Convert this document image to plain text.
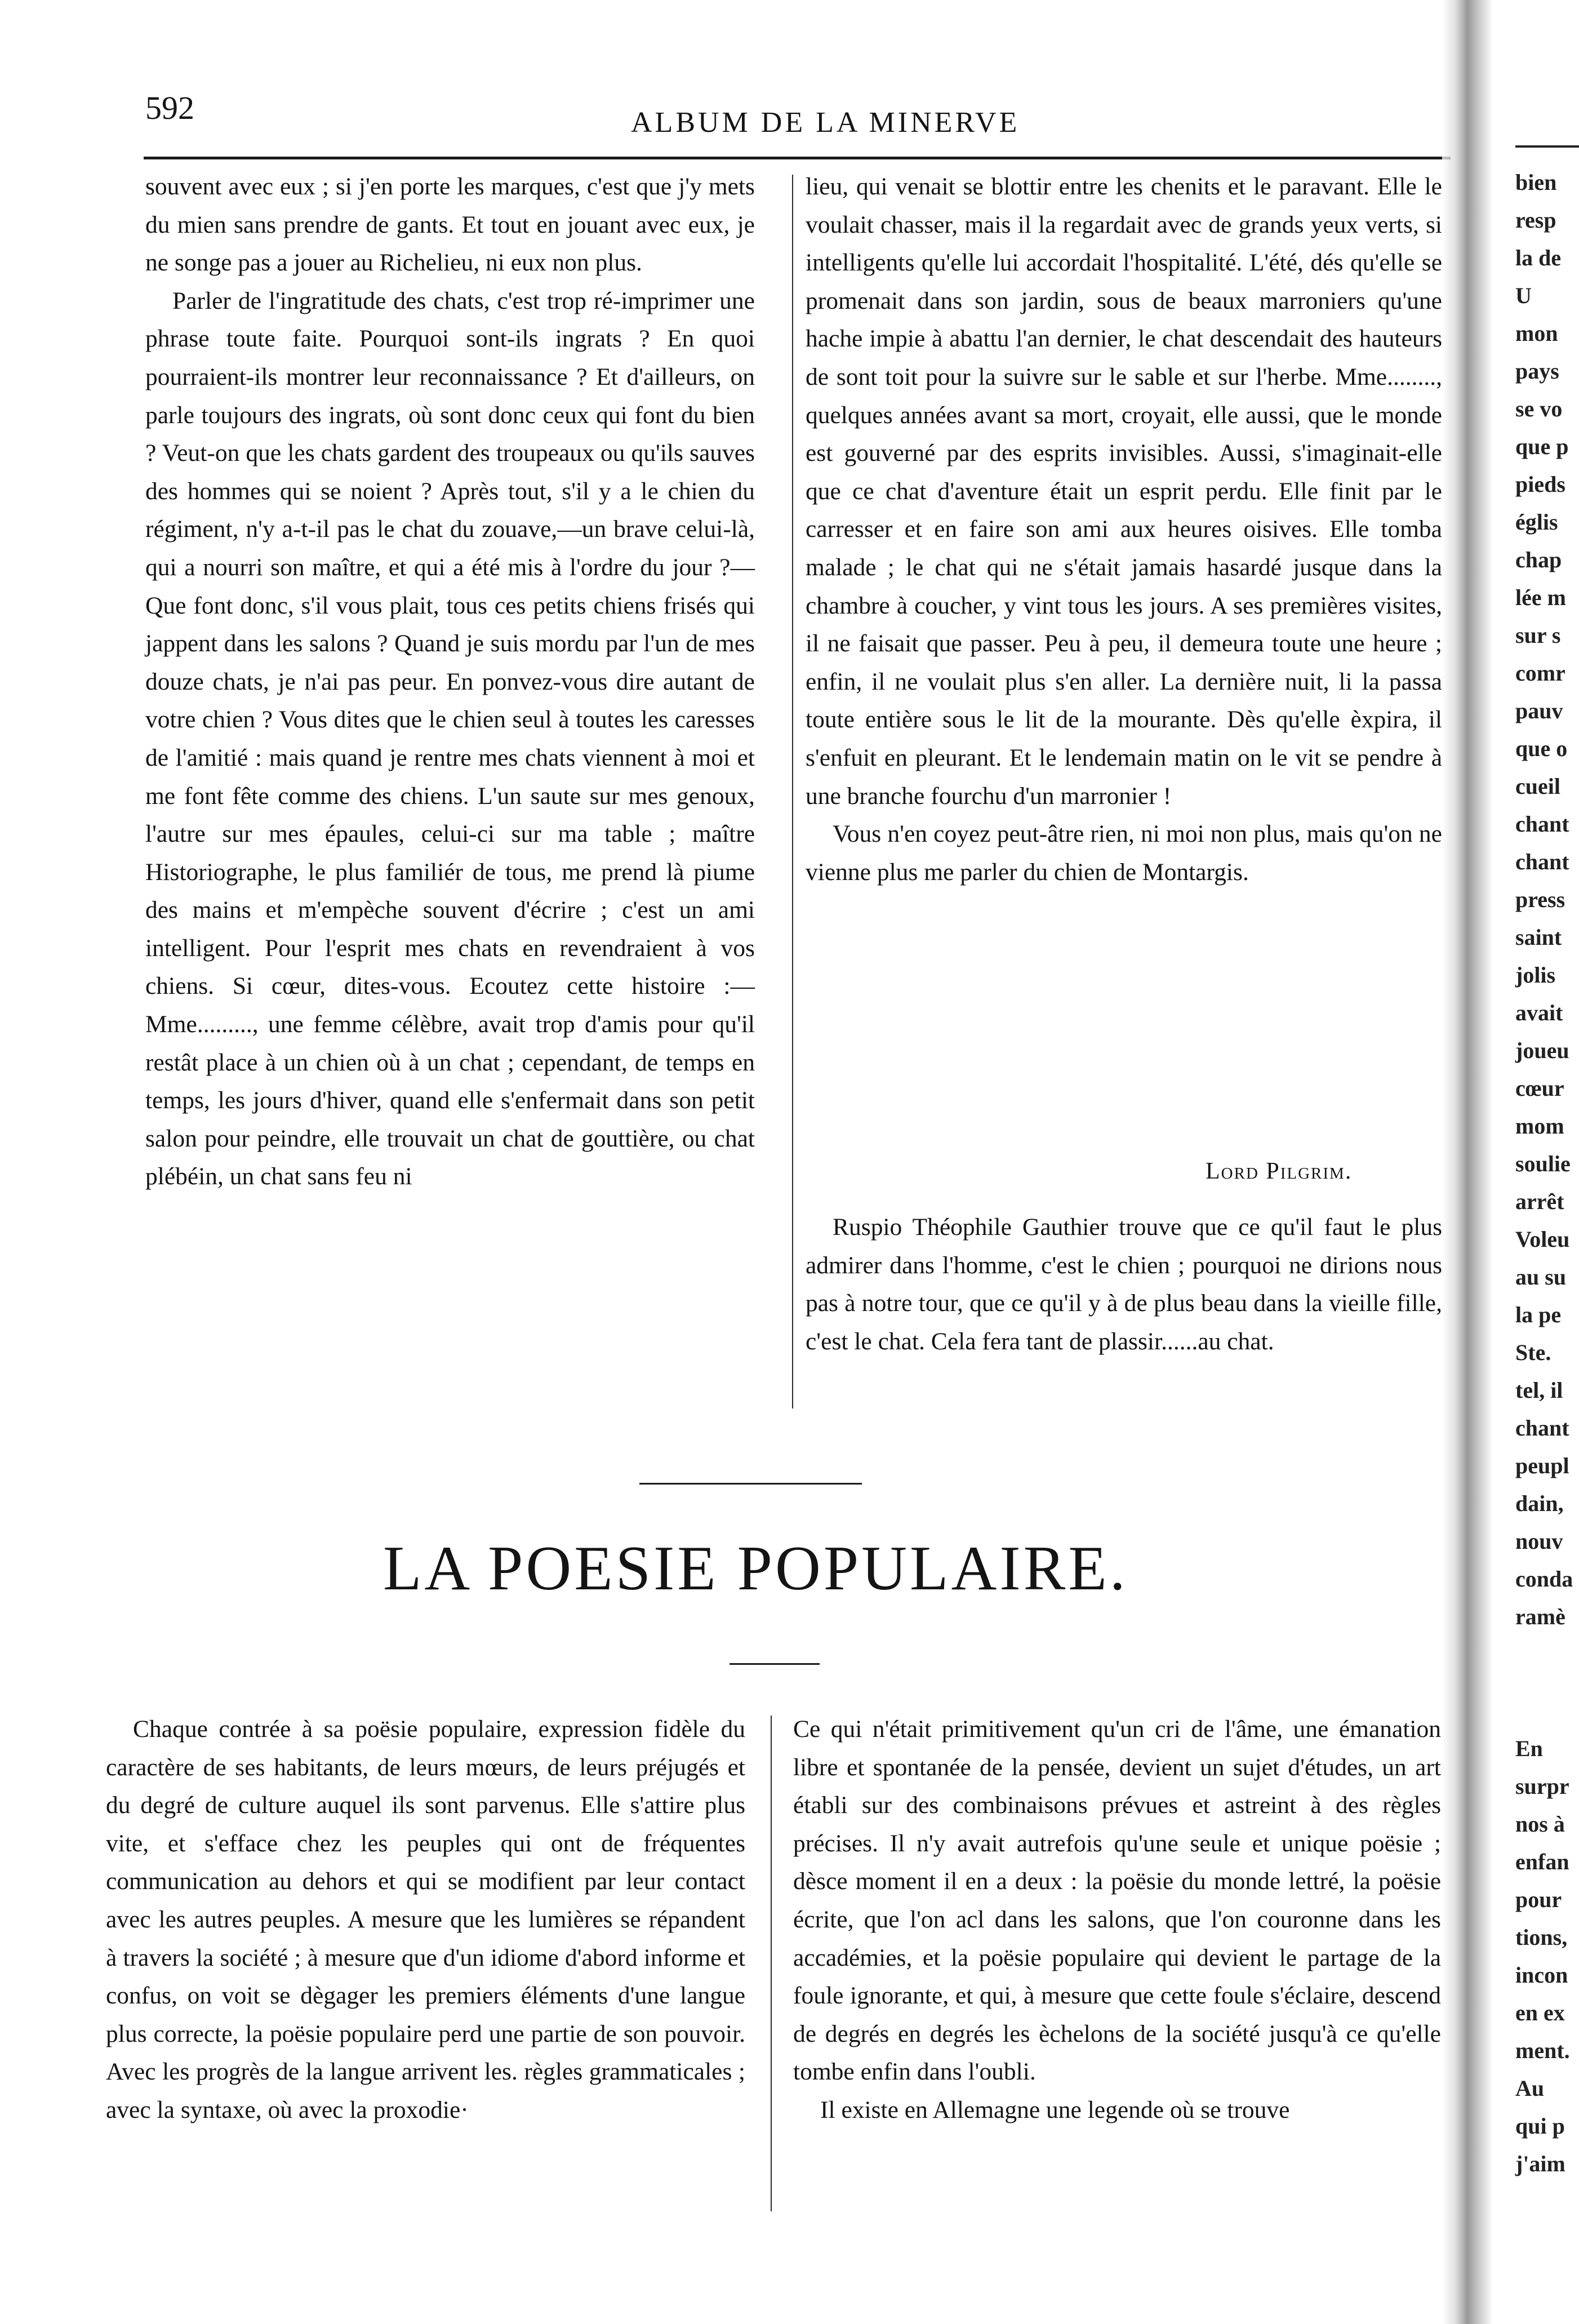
592	ALBUM DE LA MINERVE

souvent avec eux ; si j'en porte les marques, c'est que j'y mets du mien sans prendre de gants. Et tout en jouant avec eux, je ne songe pas a jouer au Richelieu, ni eux non plus.

Parler de l'ingratitude des chats, c'est trop ré-imprimer une phrase toute faite. Pourquoi sont-ils ingrats ? En quoi pourraient-ils montrer leur reconnaissance ? Et d'ailleurs, on parle toujours des ingrats, où sont donc ceux qui font du bien ? Veut-on que les chats gardent des troupeaux ou qu'ils sauves des hommes qui se noient ? Après tout, s'il y a le chien du régiment, n'y a-t-il pas le chat du zouave,—un brave celui-là, qui a nourri son maître, et qui a été mis à l'ordre du jour ?—Que font donc, s'il vous plait, tous ces petits chiens frisés qui jappent dans les salons ? Quand je suis mordu par l'un de mes douze chats, je n'ai pas peur. En ponvez-vous dire autant de votre chien ? Vous dites que le chien seul à toutes les caresses de l'amitié : mais quand je rentre mes chats viennent à moi et me font fête comme des chiens. L'un saute sur mes genoux, l'autre sur mes épaules, celui-ci sur ma table ; maître Historiographe, le plus familiér de tous, me prend là piume des mains et m'empèche souvent d'écrire ; c'est un ami intelligent. Pour l'esprit mes chats en revendraient à vos chiens. Si cœur, dites-vous. Ecoutez cette histoire :—Mme........., une femme célèbre, avait trop d'amis pour qu'il restât place à un chien où à un chat ; cependant, de temps en temps, les jours d'hiver, quand elle s'enfermait dans son petit salon pour peindre, elle trouvait un chat de gouttière, ou chat plébéin, un chat sans feu ni

lieu, qui venait se blottir entre les chenits et le paravant. Elle le voulait chasser, mais il la regardait avec de grands yeux verts, si intelligents qu'elle lui accordait l'hospitalité. L'été, dés qu'elle se promenait dans son jardin, sous de beaux marroniers qu'une hache impie à abattu l'an dernier, le chat descendait des hauteurs de sont toit pour la suivre sur le sable et sur l'herbe. Mme........, quelques années avant sa mort, croyait, elle aussi, que le monde est gouverné par des esprits invisibles. Aussi, s'imaginait-elle que ce chat d'aventure était un esprit perdu. Elle finit par le carresser et en faire son ami aux heures oisives. Elle tomba malade ; le chat qui ne s'était jamais hasardé jusque dans la chambre à coucher, y vint tous les jours. A ses premières visites, il ne faisait que passer. Peu à peu, il demeura toute une heure ; enfin, il ne voulait plus s'en aller. La dernière nuit, li la passa toute entière sous le lit de la mourante. Dès qu'elle èxpira, il s'enfuit en pleurant. Et le lendemain matin on le vit se pendre à une branche fourchu d'un marronier !

Vous n'en coyez peut-âtre rien, ni moi non plus, mais qu'on ne vienne plus me parler du chien de Montargis.

Lord Pilgrim.

Ruspio Théophile Gauthier trouve que ce qu'il faut le plus admirer dans l'homme, c'est le chien ; pourquoi ne dirions nous pas à notre tour, que ce qu'il y à de plus beau dans la vieille fille, c'est le chat. Cela fera tant de plassir......au chat.

LA POESIE POPULAIRE.

Chaque contrée à sa poësie populaire, expression fidèle du caractère de ses habitants, de leurs mœurs, de leurs préjugés et du degré de culture auquel ils sont parvenus. Elle s'attire plus vite, et s'efface chez les peuples qui ont de fréquentes communication au dehors et qui se modifient par leur contact avec les autres peuples. A mesure que les lumières se répandent à travers la société ; à mesure que d'un idiome d'abord informe et confus, on voit se dègager les premiers éléments d'une langue plus correcte, la poësie populaire perd une partie de son pouvoir. Avec les progrès de la langue arrivent les. règles grammaticales ; avec la syntaxe, où avec la proxodie·

Ce qui n'était primitivement qu'un cri de l'âme, une émanation libre et spontanée de la pensée, devient un sujet d'études, un art établi sur des combinaisons prévues et astreint à des règles précises. Il n'y avait autrefois qu'une seule et unique poësie ; dèsce moment il en a deux : la poësie du monde lettré, la poësie écrite, que l'on acl dans les salons, que l'on couronne dans les accadémies, et la poësie populaire qui devient le partage de la foule ignorante, et qui, à mesure que cette foule s'éclaire, descend de degrés en degrés les èchelons de la société jusqu'à ce qu'elle tombe enfin dans l'oubli.

Il existe en Allemagne une legende où se trouve

bien
resp
la de
U
mon
pays
se vo
que p
pieds
églis
chap
lée m
sur s
comr
pauv
que o
cueil
chant
chant
press
saint
jolis
avait
joueu
cœur
mom
soulie
arrêt
Voleu
au su
la pe
Ste.
tel, il
chant
peupl
dain,
nouv
conda
ramè
En
surpr
nos à
enfan
pour
tions,
incon
en ex
ment.
Au
qui p
j'aim
